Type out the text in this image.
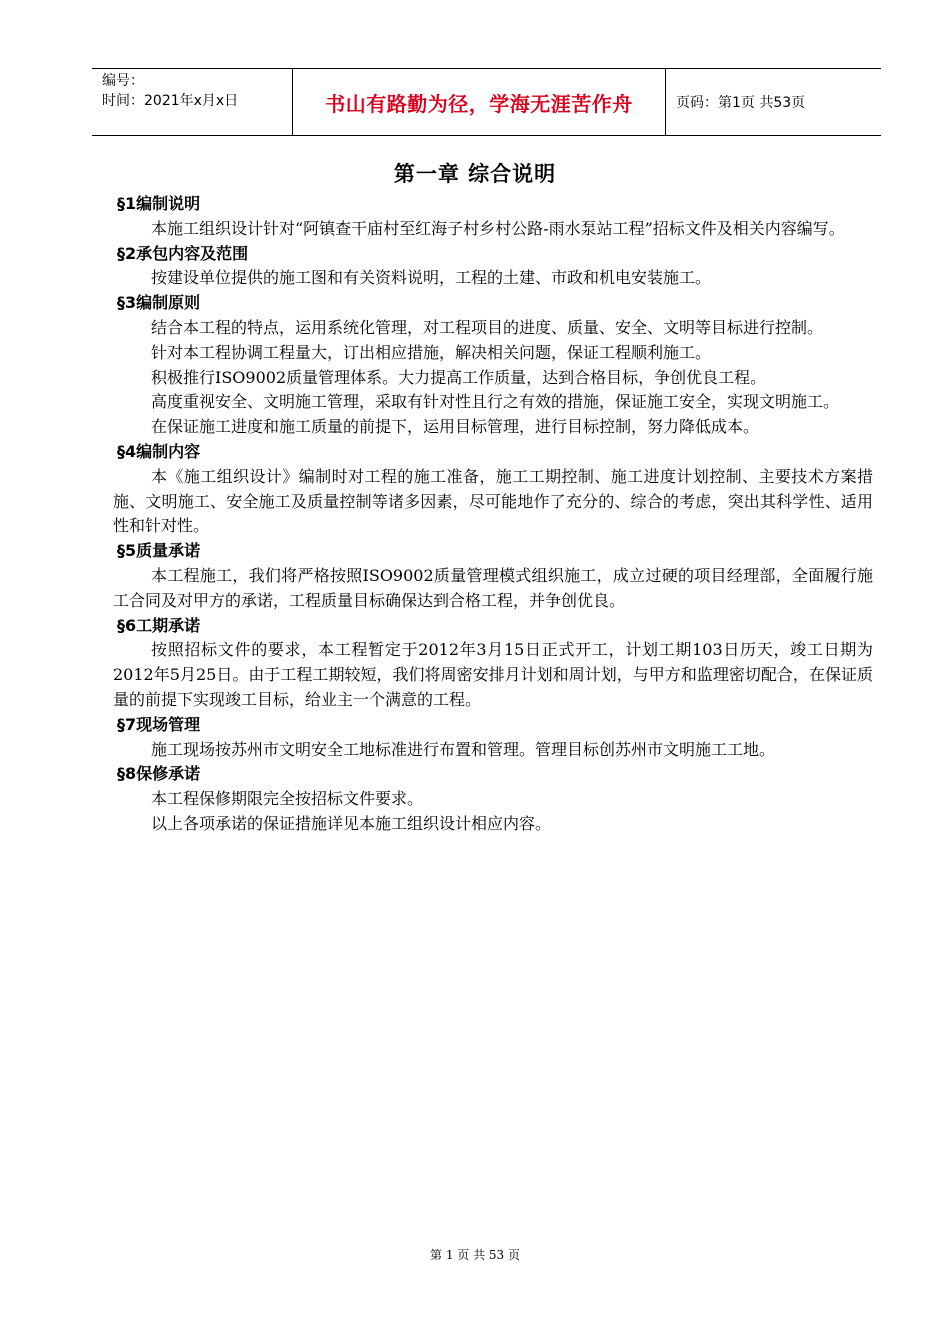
编号：
时间：2021年x月x日	书山有路勤为径，学海无涯苦作舟	页码：第1页 共53页
第一章 综合说明
§1编制说明
本施工组织设计针对“阿镇查干庙村至红海子村乡村公路-雨水泵站工程”招标文件及相关内容编写。
§2承包内容及范围
按建设单位提供的施工图和有关资料说明，工程的土建、市政和机电安装施工。
§3编制原则
结合本工程的特点，运用系统化管理，对工程项目的进度、质量、安全、文明等目标进行控制。
针对本工程协调工程量大，订出相应措施，解决相关问题，保证工程顺利施工。
积极推行ISO9002质量管理体系。大力提高工作质量，达到合格目标，争创优良工程。
高度重视安全、文明施工管理，采取有针对性且行之有效的措施，保证施工安全，实现文明施工。
在保证施工进度和施工质量的前提下，运用目标管理，进行目标控制，努力降低成本。
§4编制内容
本《施工组织设计》编制时对工程的施工准备，施工工期控制、施工进度计划控制、主要技术方案措施、文明施工、安全施工及质量控制等诸多因素，尽可能地作了充分的、综合的考虑，突出其科学性、适用性和针对性。
§5质量承诺
本工程施工，我们将严格按照ISO9002质量管理模式组织施工，成立过硬的项目经理部，全面履行施工合同及对甲方的承诺，工程质量目标确保达到合格工程，并争创优良。
§6工期承诺
按照招标文件的要求，本工程暂定于2012年3月15日正式开工，计划工期103日历天，竣工日期为2012年5月25日。由于工程工期较短，我们将周密安排月计划和周计划，与甲方和监理密切配合，在保证质量的前提下实现竣工目标，给业主一个满意的工程。
§7现场管理
施工现场按苏州市文明安全工地标准进行布置和管理。管理目标创苏州市文明施工工地。
§8保修承诺
本工程保修期限完全按招标文件要求。
以上各项承诺的保证措施详见本施工组织设计相应内容。
第 1 页 共 53 页
